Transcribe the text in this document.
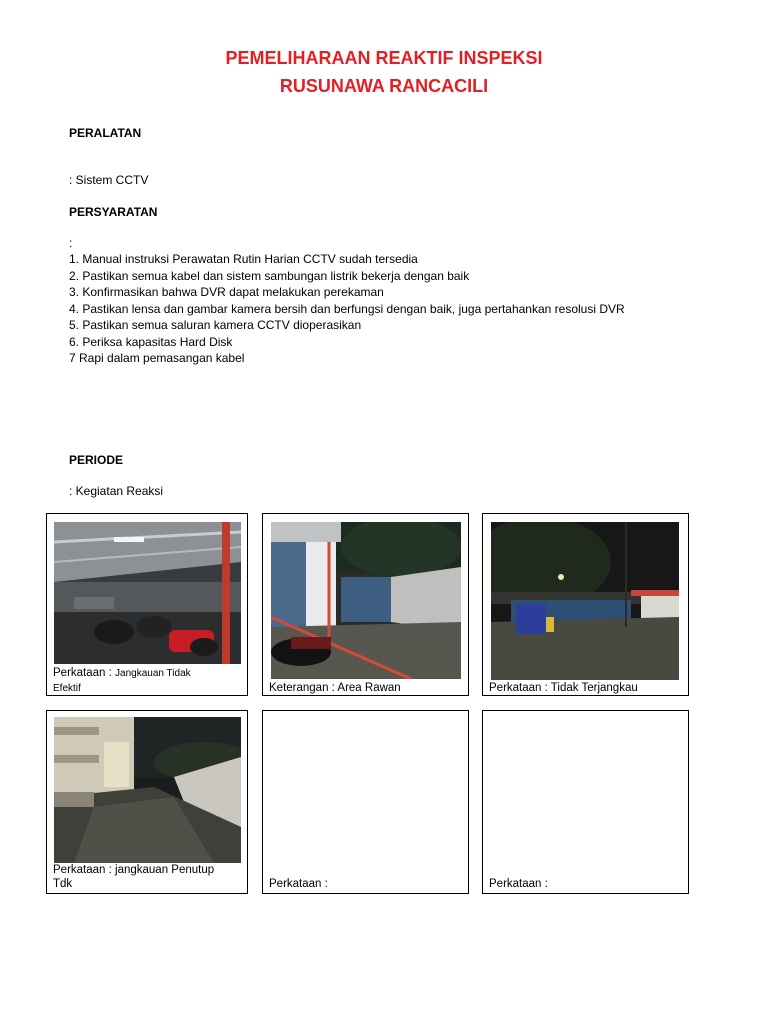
PEMELIHARAAN REAKTIF INSPEKSI
RUSUNAWA RANCACILI

PERALATAN

: Sistem CCTV

PERSYARATAN

:

1. Manual instruksi Perawatan Rutin Harian CCTV sudah tersedia
2. Pastikan semua kabel dan sistem sambungan listrik bekerja dengan baik
3. Konfirmasikan bahwa DVR dapat melakukan perekaman
4. Pastikan lensa dan gambar kamera bersih dan berfungsi dengan baik, juga pertahankan resolusi DVR
5. Pastikan semua saluran kamera CCTV dioperasikan
6. Periksa kapasitas Hard Disk
7 Rapi dalam pemasangan kabel

PERIODE

: Kegiatan Reaksi

Perkataan : Jangkauan Tidak
Efektif	Keterangan : Area Rawan	Perkataan : Tidak Terjangkau

Perkataan : jangkauan Penutup
Tdk	Perkataan :	Perkataan :
